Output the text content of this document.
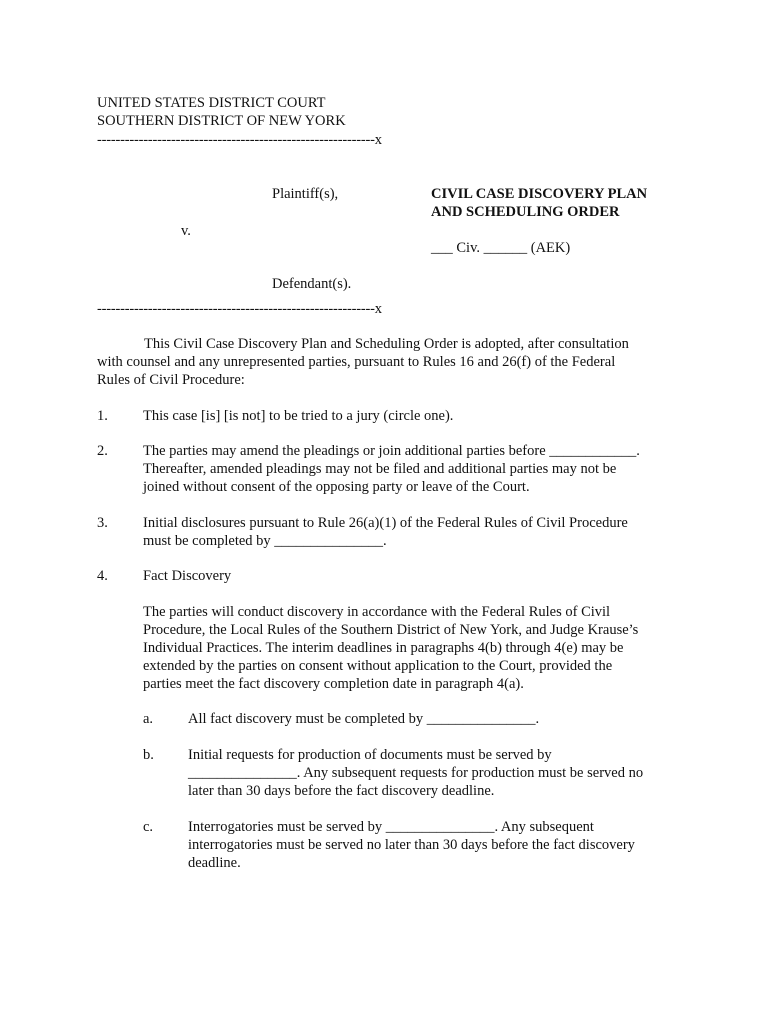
UNITED STATES DISTRICT COURT
SOUTHERN DISTRICT OF NEW YORK
------------------------------------------------------------x
Plaintiff(s),	CIVIL CASE DISCOVERY PLAN
AND SCHEDULING ORDER
v.
___ Civ. ______ (AEK)
Defendant(s).
------------------------------------------------------------x
This Civil Case Discovery Plan and Scheduling Order is adopted, after consultation
with counsel and any unrepresented parties, pursuant to Rules 16 and 26(f) of the Federal
Rules of Civil Procedure:
1. This case [is] [is not] to be tried to a jury (circle one).
2. The parties may amend the pleadings or join additional parties before ____________.
Thereafter, amended pleadings may not be filed and additional parties may not be
joined without consent of the opposing party or leave of the Court.
3. Initial disclosures pursuant to Rule 26(a)(1) of the Federal Rules of Civil Procedure
must be completed by _______________.
4. Fact Discovery
The parties will conduct discovery in accordance with the Federal Rules of Civil
Procedure, the Local Rules of the Southern District of New York, and Judge Krause’s
Individual Practices. The interim deadlines in paragraphs 4(b) through 4(e) may be
extended by the parties on consent without application to the Court, provided the
parties meet the fact discovery completion date in paragraph 4(a).
a. All fact discovery must be completed by _______________.
b. Initial requests for production of documents must be served by
_______________. Any subsequent requests for production must be served no
later than 30 days before the fact discovery deadline.
c. Interrogatories must be served by _______________. Any subsequent
interrogatories must be served no later than 30 days before the fact discovery
deadline.
